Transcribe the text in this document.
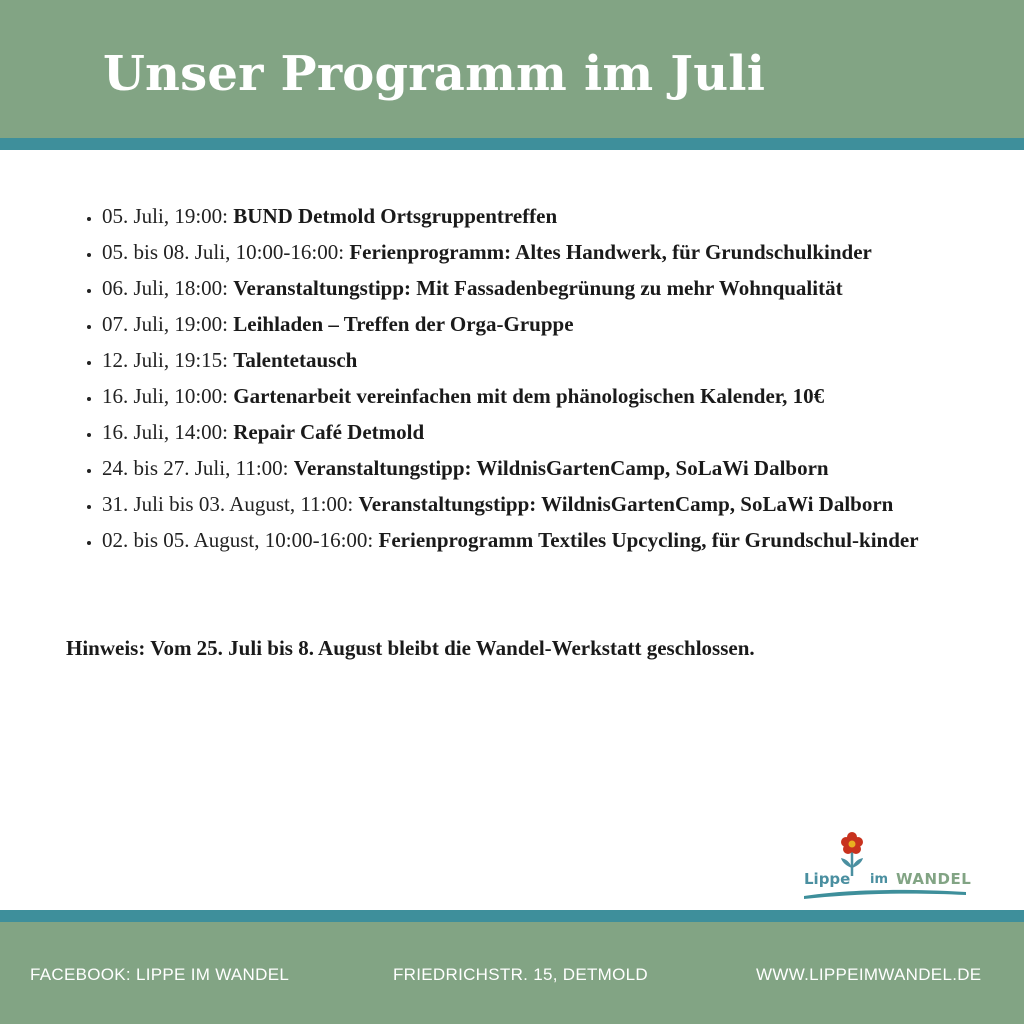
Unser Programm im Juli
• 05. Juli, 19:00: BUND Detmold Ortsgruppentreffen
• 05. bis 08. Juli, 10:00-16:00: Ferienprogramm: Altes Handwerk, für Grundschulkinder
• 06. Juli, 18:00: Veranstaltungstipp: Mit Fassadenbegrünung zu mehr Wohnqualität
• 07. Juli, 19:00: Leihladen – Treffen der Orga-Gruppe
• 12. Juli, 19:15: Talentetausch
• 16. Juli, 10:00: Gartenarbeit vereinfachen mit dem phänologischen Kalender, 10€
• 16. Juli, 14:00: Repair Café Detmold
• 24. bis 27. Juli, 11:00: Veranstaltungstipp: WildnisGartenCamp, SoLaWi Dalborn
• 31. Juli bis 03. August, 11:00: Veranstaltungstipp: WildnisGartenCamp, SoLaWi Dalborn
• 02. bis 05. August, 10:00-16:00: Ferienprogramm Textiles Upcycling, für Grundschul-kinder

Hinweis: Vom 25. Juli bis 8. August bleibt die Wandel-Werkstatt geschlossen.

Lippe im WANDEL

FACEBOOK: LIPPE IM WANDEL	FRIEDRICHSTR. 15, DETMOLD	WWW.LIPPEIMWANDEL.DE
